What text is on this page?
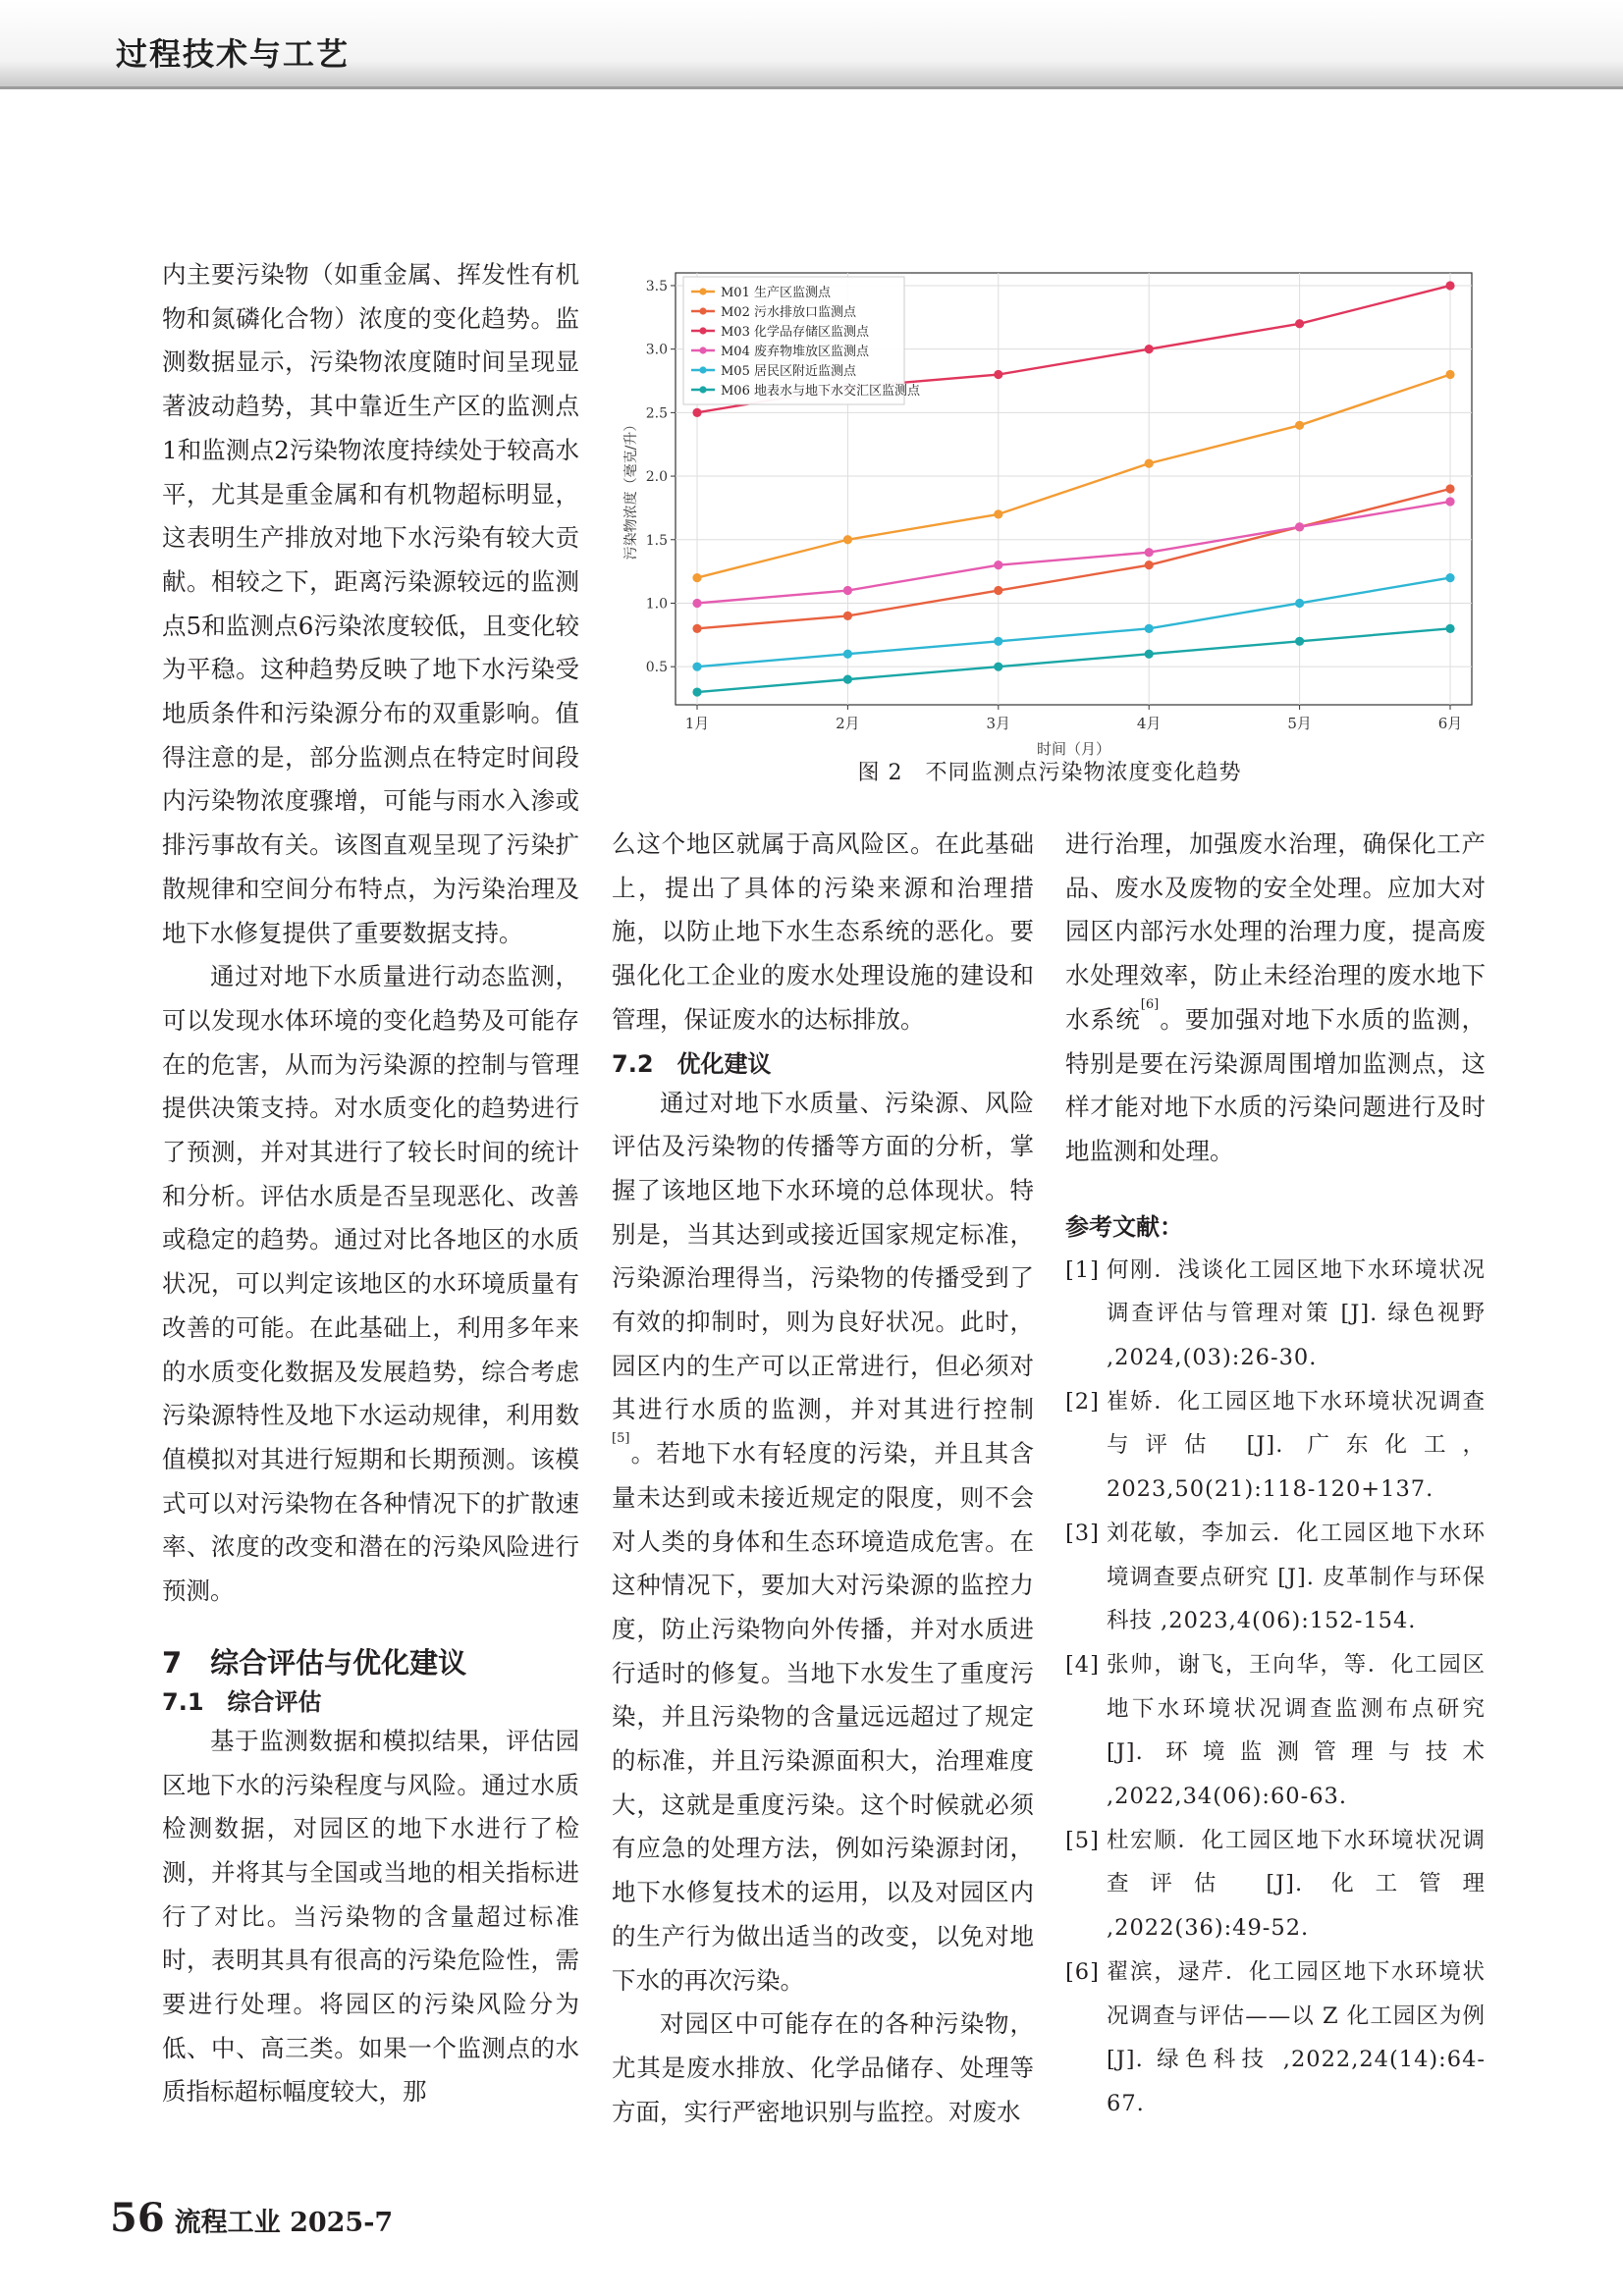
过程技术与工艺

内主要污染物（如重金属、挥发性有机物和氮磷化合物）浓度的变化趋势。监测数据显示，污染物浓度随时间呈现显著波动趋势，其中靠近生产区的监测点1和监测点2污染物浓度持续处于较高水平，尤其是重金属和有机物超标明显，这表明生产排放对地下水污染有较大贡献。相较之下，距离污染源较远的监测点5和监测点6污染浓度较低，且变化较为平稳。这种趋势反映了地下水污染受地质条件和污染源分布的双重影响。值得注意的是，部分监测点在特定时间段内污染物浓度骤增，可能与雨水入渗或排污事故有关。该图直观呈现了污染扩散规律和空间分布特点，为污染治理及地下水修复提供了重要数据支持。

通过对地下水质量进行动态监测，可以发现水体环境的变化趋势及可能存在的危害，从而为污染源的控制与管理提供决策支持。对水质变化的趋势进行了预测，并对其进行了较长时间的统计和分析。评估水质是否呈现恶化、改善或稳定的趋势。通过对比各地区的水质状况，可以判定该地区的水环境质量有改善的可能。在此基础上，利用多年来的水质变化数据及发展趋势，综合考虑污染源特性及地下水运动规律，利用数值模拟对其进行短期和长期预测。该模式可以对污染物在各种情况下的扩散速率、浓度的改变和潜在的污染风险进行预测。

7　综合评估与优化建议
7.1　综合评估

基于监测数据和模拟结果，评估园区地下水的污染程度与风险。通过水质检测数据，对园区的地下水进行了检测，并将其与全国或当地的相关指标进行了对比。当污染物的含量超过标准时，表明其具有很高的污染危险性，需要进行处理。将园区的污染风险分为低、中、高三类。如果一个监测点的水质指标超标幅度较大，那

0.5
1.0
1.5
2.0
2.5
3.0
3.5
1月	2月	3月	4月	5月	6月
时间（月）
污染物浓度（毫克/升）
M01 生产区监测点
M02 污水排放口监测点
M03 化学品存储区监测点
M04 废弃物堆放区监测点
M05 居民区附近监测点
M06 地表水与地下水交汇区监测点
图 2　不同监测点污染物浓度变化趋势

么这个地区就属于高风险区。在此基础上，提出了具体的污染来源和治理措施，以防止地下水生态系统的恶化。要强化化工企业的废水处理设施的建设和管理，保证废水的达标排放。

7.2　优化建议

通过对地下水质量、污染源、风险评估及污染物的传播等方面的分析，掌握了该地区地下水环境的总体现状。特别是，当其达到或接近国家规定标准，污染源治理得当，污染物的传播受到了有效的抑制时，则为良好状况。此时，园区内的生产可以正常进行，但必须对其进行水质的监测，并对其进行控制[5]。若地下水有轻度的污染，并且其含量未达到或未接近规定的限度，则不会对人类的身体和生态环境造成危害。在这种情况下，要加大对污染源的监控力度，防止污染物向外传播，并对水质进行适时的修复。当地下水发生了重度污染，并且污染物的含量远远超过了规定的标准，并且污染源面积大，治理难度大，这就是重度污染。这个时候就必须有应急的处理方法，例如污染源封闭，地下水修复技术的运用，以及对园区内的生产行为做出适当的改变，以免对地下水的再次污染。

对园区中可能存在的各种污染物，尤其是废水排放、化学品储存、处理等方面，实行严密地识别与监控。对废水

进行治理，加强废水治理，确保化工产品、废水及废物的安全处理。应加大对园区内部污水处理的治理力度，提高废水处理效率，防止未经治理的废水地下水系统[6]。要加强对地下水质的监测，特别是要在污染源周围增加监测点，这样才能对地下水质的污染问题进行及时地监测和处理。

参考文献：
[1] 何刚．浅谈化工园区地下水环境状况调查评估与管理对策 [J]. 绿色视野 ,2024,(03):26-30.
[2] 崔娇．化工园区地下水环境状况调查与评估 [J]. 广东化工，2023,50(21):118-120+137.
[3] 刘花敏，李加云．化工园区地下水环境调查要点研究 [J]. 皮革制作与环保科技 ,2023,4(06):152-154.
[4] 张帅，谢飞，王向华，等．化工园区地下水环境状况调查监测布点研究 [J]. 环境监测管理与技术 ,2022,34(06):60-63.
[5] 杜宏顺．化工园区地下水环境状况调查评估 [J]. 化工管理 ,2022(36):49-52.
[6] 翟滨，逯芹．化工园区地下水环境状况调查与评估——以 Z 化工园区为例 [J]. 绿色科技 ,2022,24(14):64-67.
56 流程工业 2025-7
